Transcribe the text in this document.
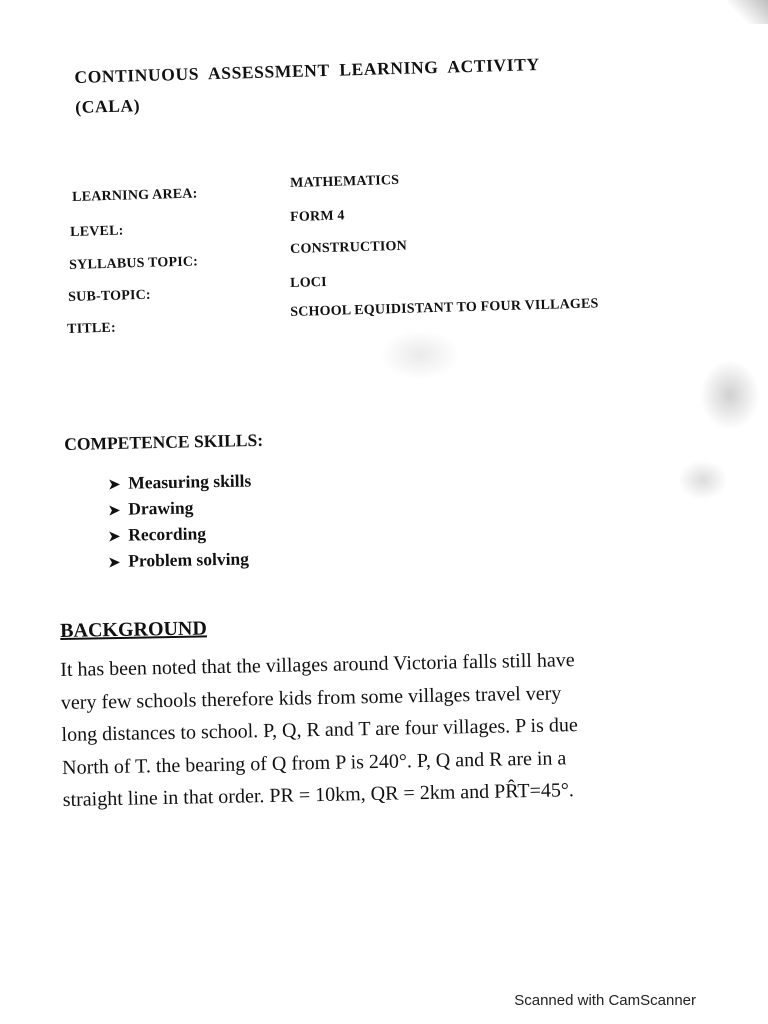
CONTINUOUS  ASSESSMENT  LEARNING  ACTIVITY
(CALA)
LEARNING AREA:
LEVEL:
SYLLABUS TOPIC:
SUB-TOPIC:
TITLE:
MATHEMATICS
FORM 4
CONSTRUCTION
LOCI
SCHOOL EQUIDISTANT TO FOUR VILLAGES
COMPETENCE SKILLS:
➤ Measuring skills
➤ Drawing
➤ Recording
➤ Problem solving
BACKGROUND
It has been noted that the villages around Victoria falls still have
very few schools therefore kids from some villages travel very
long distances to school. P, Q, R and T are four villages. P is due
North of T. the bearing of Q from P is 240°. P, Q and R are in a
straight line in that order. PR = 10km, QR = 2km and PR̂T=45°.
Scanned with CamScanner
